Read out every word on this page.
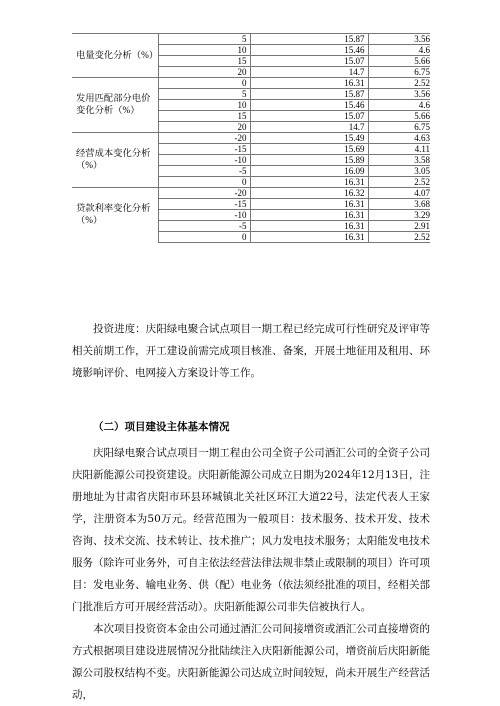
电量变化分析（%）	5	15.87	3.56
	10	15.46	4.6
	15	15.07	5.66
	20	14.7	6.75
发用匹配部分电价变化分析（%）	0	16.31	2.52
	5	15.87	3.56
	10	15.46	4.6
	15	15.07	5.66
	20	14.7	6.75
经营成本变化分析（%）	-20	15.49	4.63
	-15	15.69	4.11
	-10	15.89	3.58
	-5	16.09	3.05
	0	16.31	2.52
贷款利率变化分析（%）	-20	16.32	4.07
	-15	16.31	3.68
	-10	16.31	3.29
	-5	16.31	2.91
	0	16.31	2.52

投资进度：庆阳绿电聚合试点项目一期工程已经完成可行性研究及评审等相关前期工作，开工建设前需完成项目核准、备案，开展土地征用及租用、环境影响评价、电网接入方案设计等工作。

（二）项目建设主体基本情况

庆阳绿电聚合试点项目一期工程由公司全资子公司酒汇公司的全资子公司庆阳新能源公司投资建设。庆阳新能源公司成立日期为2024年12月13日，注册地址为甘肃省庆阳市环县环城镇北关社区环江大道22号，法定代表人王家学，注册资本为50万元。经营范围为一般项目：技术服务、技术开发、技术咨询、技术交流、技术转让、技术推广；风力发电技术服务；太阳能发电技术服务（除许可业务外，可自主依法经营法律法规非禁止或限制的项目）许可项目：发电业务、输电业务、供（配）电业务（依法须经批准的项目，经相关部门批准后方可开展经营活动）。庆阳新能源公司非失信被执行人。

本次项目投资资本金由公司通过酒汇公司间接增资或酒汇公司直接增资的方式根据项目建设进展情况分批陆续注入庆阳新能源公司，增资前后庆阳新能源公司股权结构不变。庆阳新能源公司达成立时间较短，尚未开展生产经营活动，
